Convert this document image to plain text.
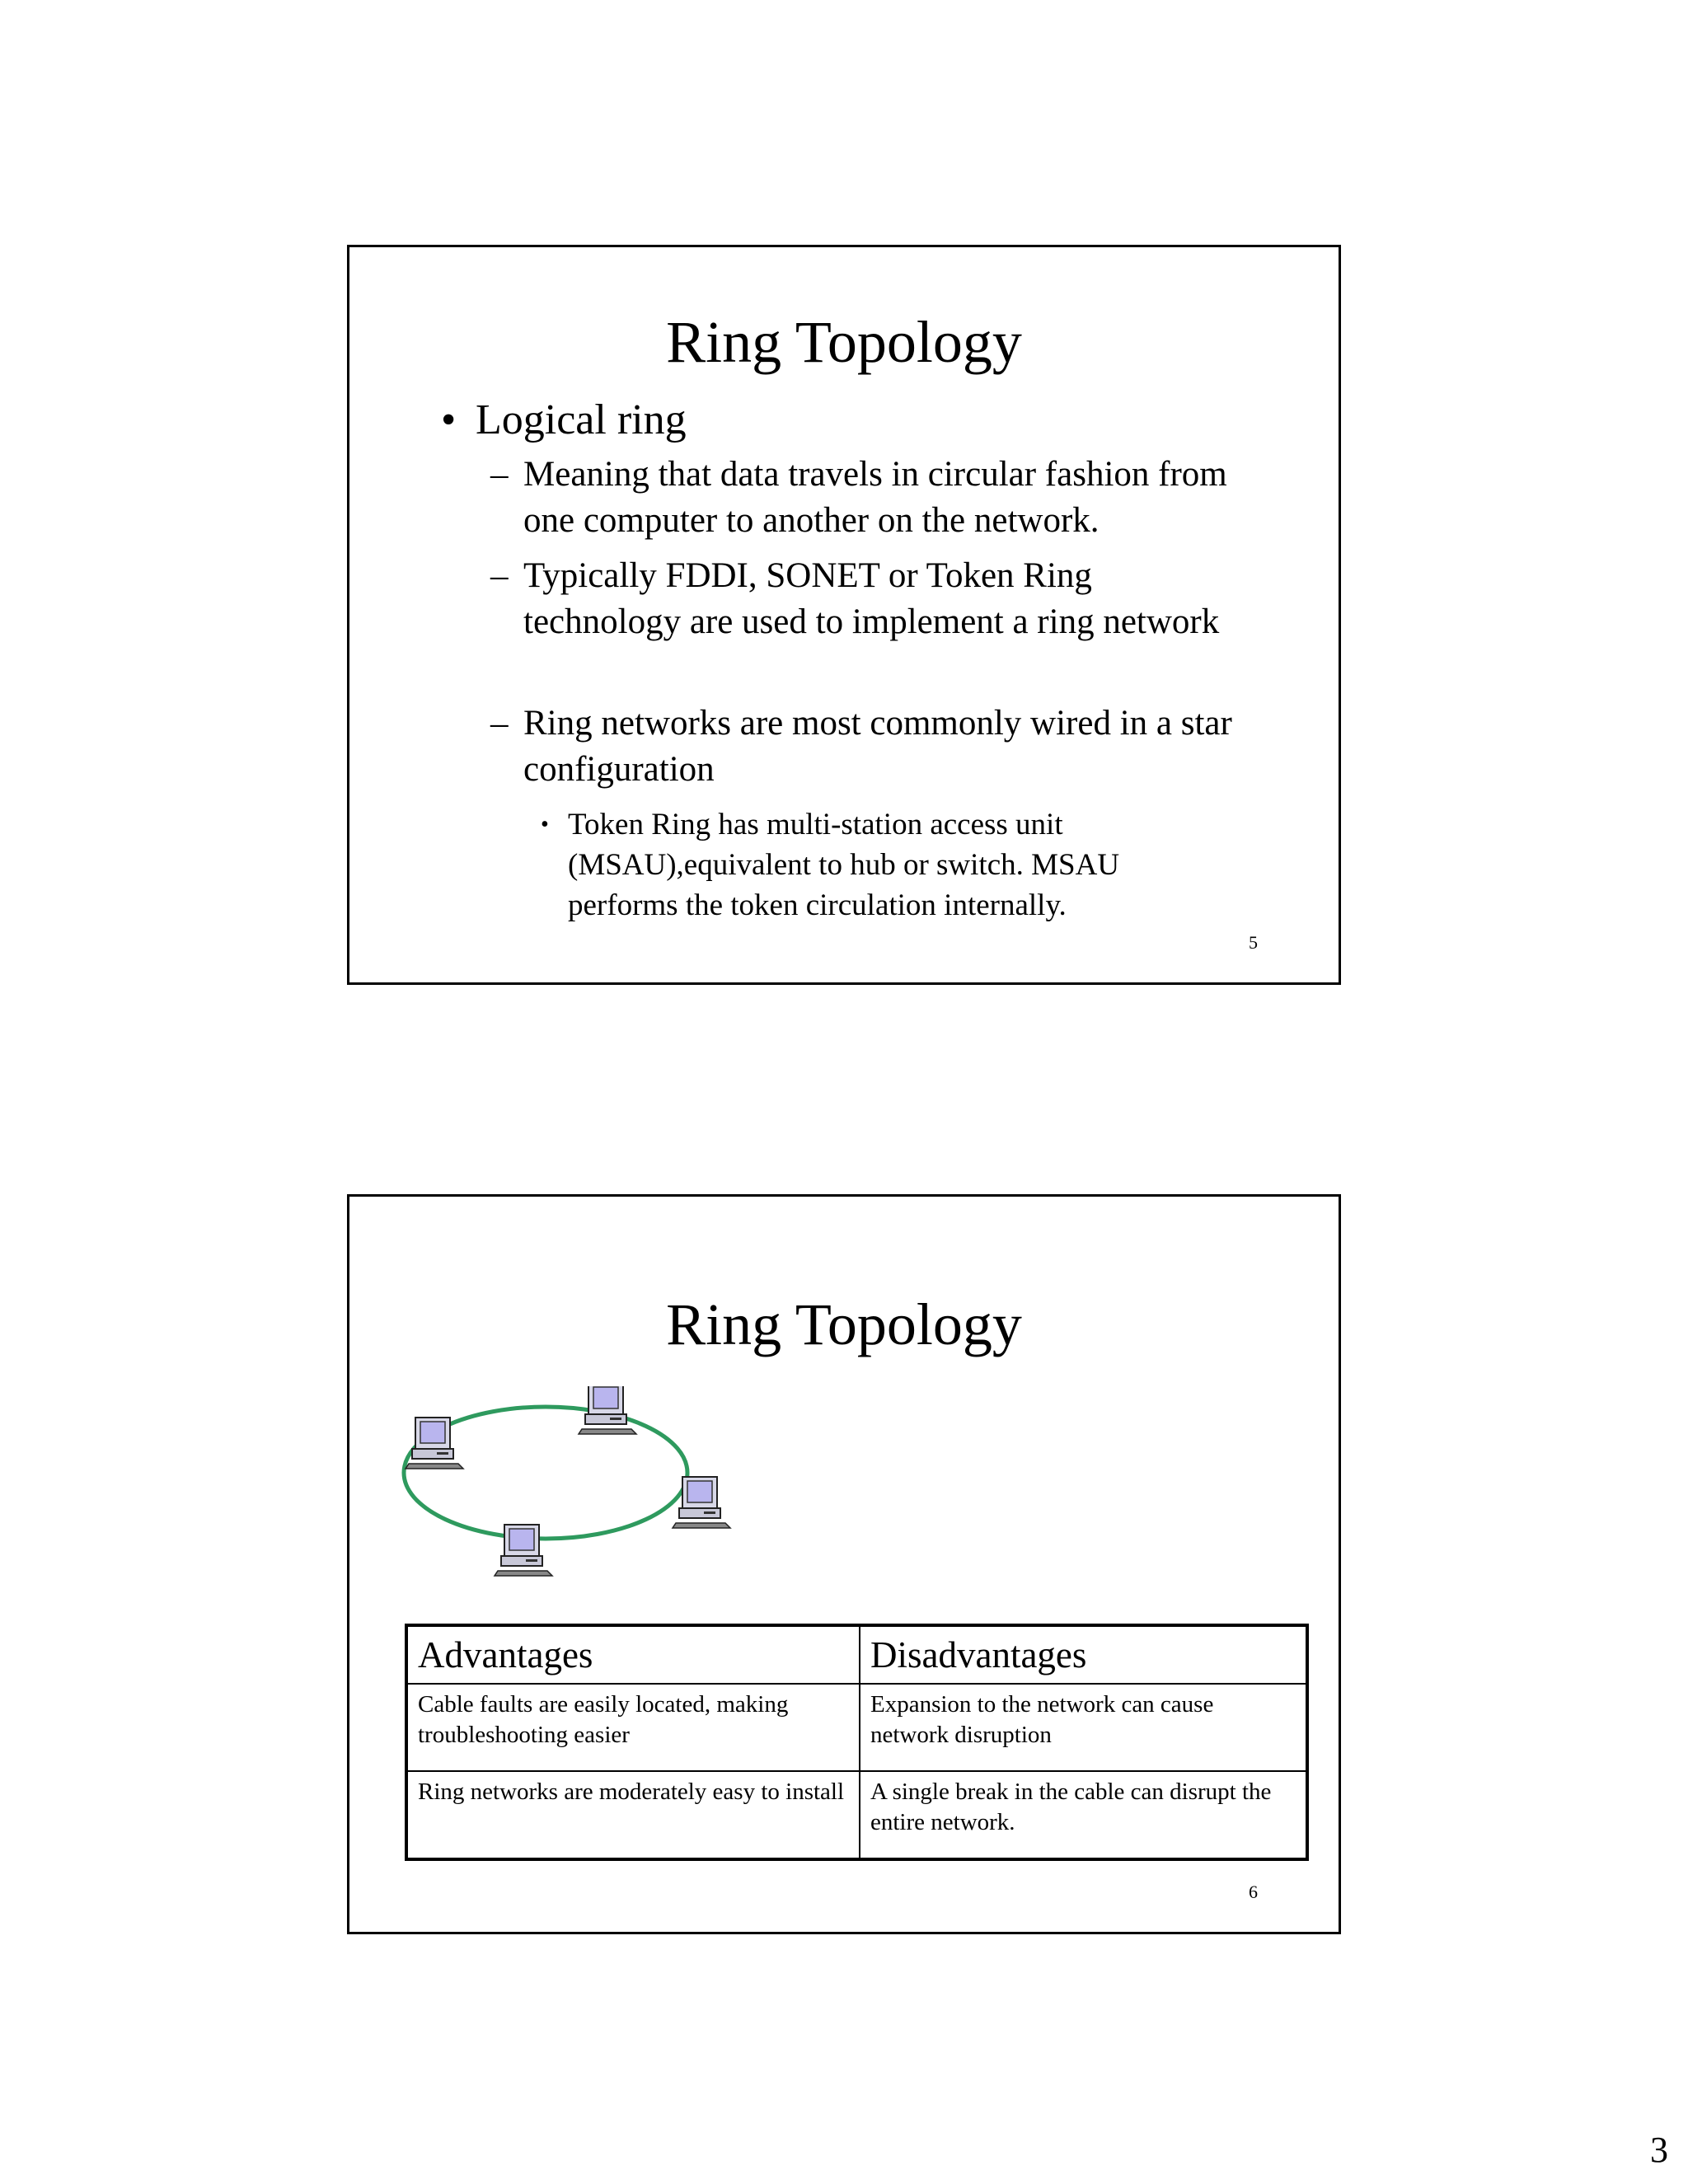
Ring Topology
• Logical ring
– Meaning that data travels in circular fashion from one computer to another on the network.
– Typically FDDI, SONET or Token Ring technology are used to implement a ring network
– Ring networks are most commonly wired in a star configuration
• Token Ring has multi-station access unit (MSAU),equivalent to hub or switch. MSAU performs the token circulation internally.
5
Ring Topology
Advantages	Disadvantages
Cable faults are easily located, making troubleshooting easier	Expansion to the network can cause network disruption
Ring networks are moderately easy to install	A single break in the cable can disrupt the entire network.
6
3
